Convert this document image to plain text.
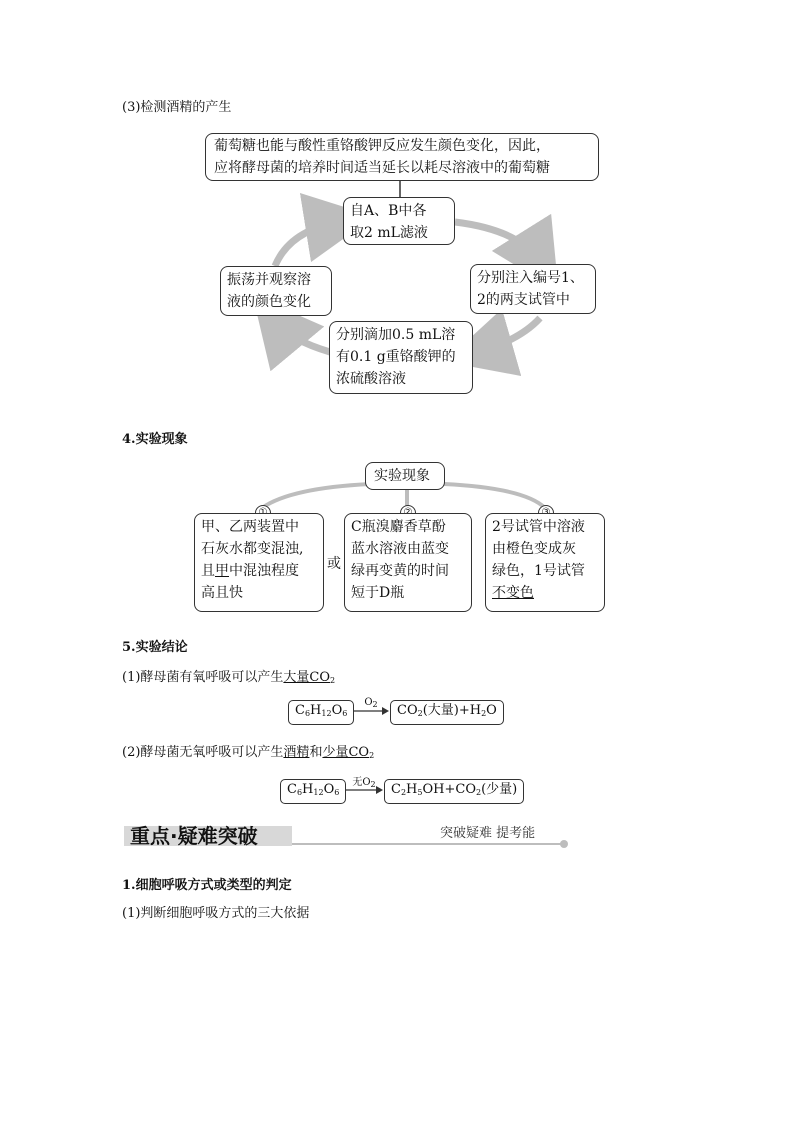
(3)检测酒精的产生
葡萄糖也能与酸性重铬酸钾反应发生颜色变化，因此，
应将酵母菌的培养时间适当延长以耗尽溶液中的葡萄糖
自A、B中各
取2 mL滤液
分别注入编号1、
2的两支试管中
分别滴加0.5 mL溶
有0.1 g重铬酸钾的
浓硫酸溶液
振荡并观察溶
液的颜色变化
4.实验现象
实验现象
甲、乙两装置中
石灰水都变混浊,
且甲中混浊程度
高且快
或
C瓶溴麝香草酚
蓝水溶液由蓝变
绿再变黄的时间
短于D瓶
2号试管中溶液
由橙色变成灰
绿色，1号试管
不变色
5.实验结论
(1)酵母菌有氧呼吸可以产生大量$CO_2$
$C_6H_{12}O_6$
$O_2$	$CO_2$(大量)$+H_2O$
(2)酵母菌无氧呼吸可以产生酒精和少量$CO_2$
$C_6H_{12}O_6$
无$O_2$	$C_2H_5OH+CO_2$(少量)
重点·疑难突破	突破疑难 提考能
1.细胞呼吸方式或类型的判定
(1)判断细胞呼吸方式的三大依据
